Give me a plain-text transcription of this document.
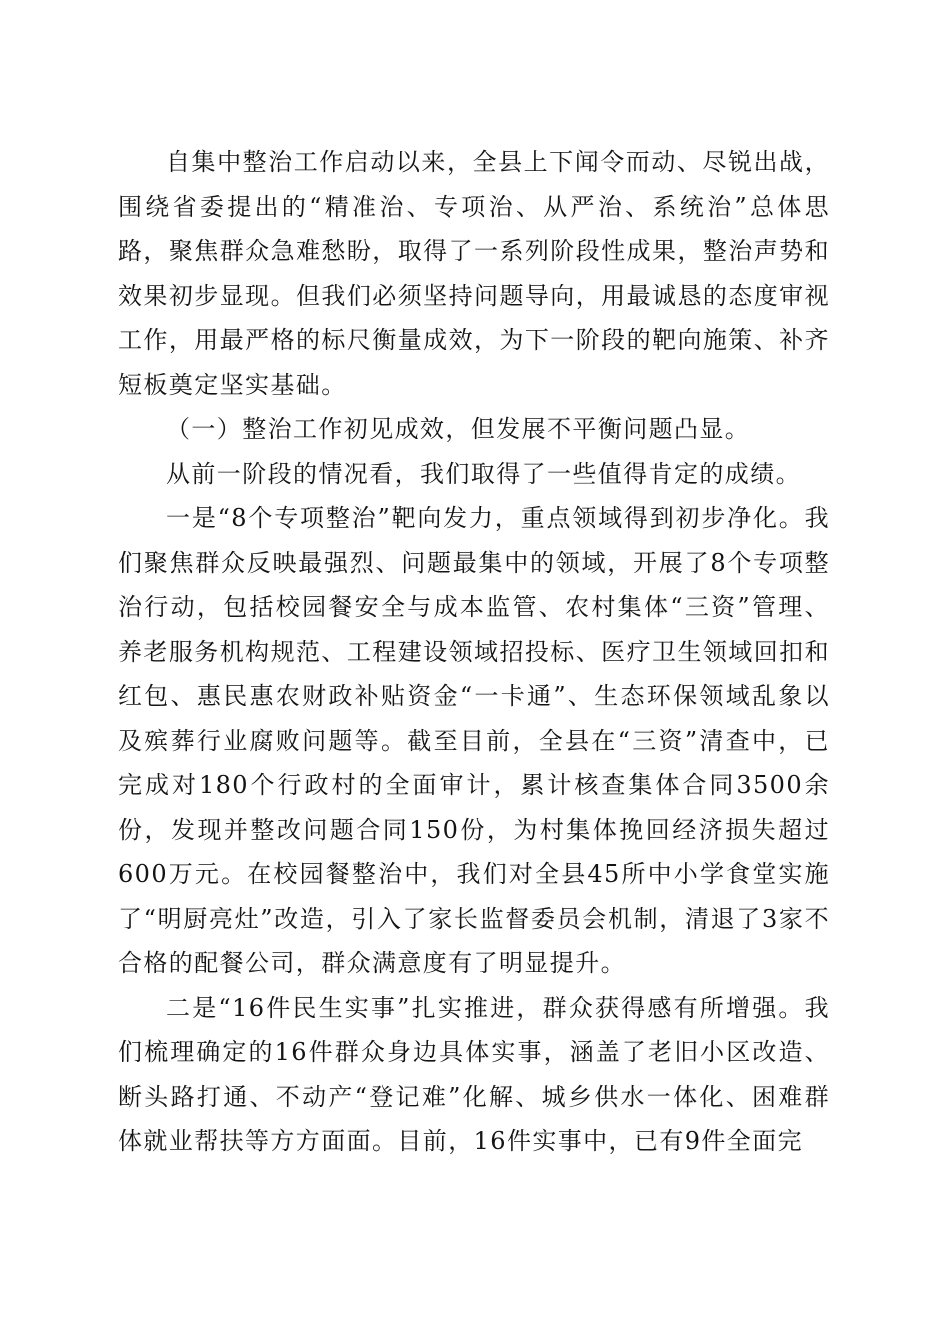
自集中整治工作启动以来，全县上下闻令而动、尽锐出战，围绕省委提出的“精准治、专项治、从严治、系统治”总体思路，聚焦群众急难愁盼，取得了一系列阶段性成果，整治声势和效果初步显现。但我们必须坚持问题导向，用最诚恳的态度审视工作，用最严格的标尺衡量成效，为下一阶段的靶向施策、补齐短板奠定坚实基础。

（一）整治工作初见成效，但发展不平衡问题凸显。

从前一阶段的情况看，我们取得了一些值得肯定的成绩。

一是“8个专项整治”靶向发力，重点领域得到初步净化。我们聚焦群众反映最强烈、问题最集中的领域，开展了8个专项整治行动，包括校园餐安全与成本监管、农村集体“三资”管理、养老服务机构规范、工程建设领域招投标、医疗卫生领域回扣和红包、惠民惠农财政补贴资金“一卡通”、生态环保领域乱象以及殡葬行业腐败问题等。截至目前，全县在“三资”清查中，已完成对180个行政村的全面审计，累计核查集体合同3500余份，发现并整改问题合同150份，为村集体挽回经济损失超过600万元。在校园餐整治中，我们对全县45所中小学食堂实施了“明厨亮灶”改造，引入了家长监督委员会机制，清退了3家不合格的配餐公司，群众满意度有了明显提升。

二是“16件民生实事”扎实推进，群众获得感有所增强。我们梳理确定的16件群众身边具体实事，涵盖了老旧小区改造、断头路打通、不动产“登记难”化解、城乡供水一体化、困难群体就业帮扶等方方面面。目前，16件实事中，已有9件全面完
